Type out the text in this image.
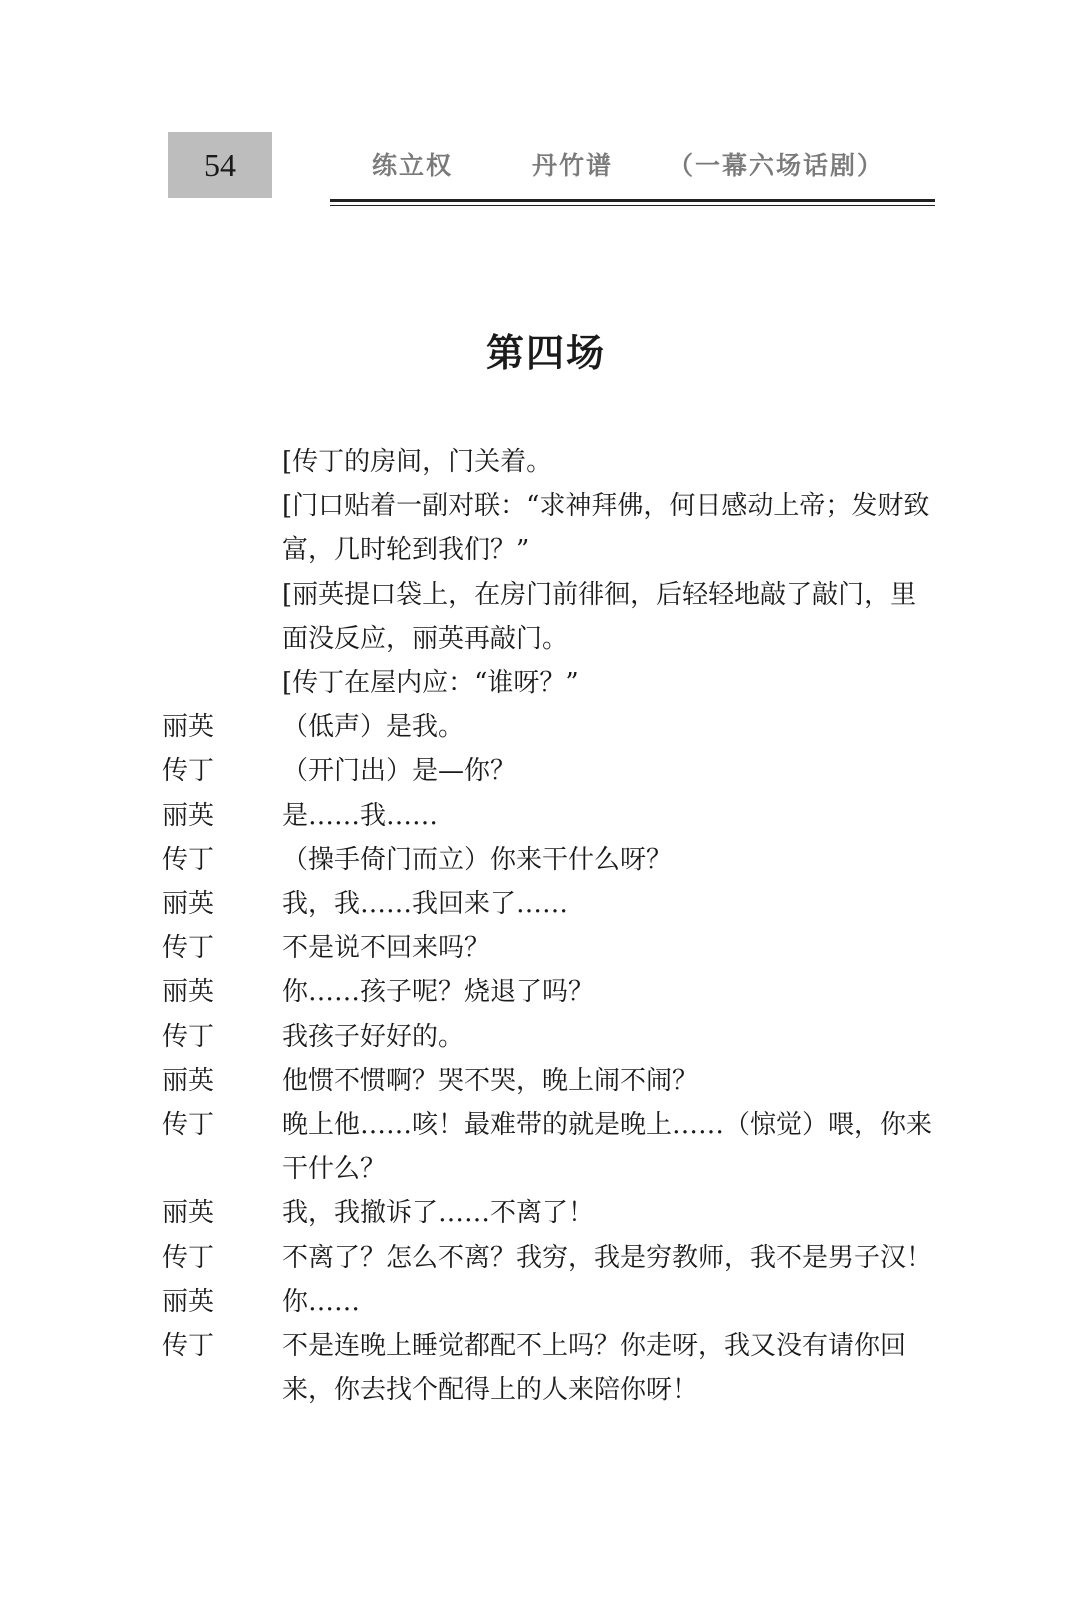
54	练立权	丹竹谱 （一幕六场话剧）
第四场
[传丁的房间，门关着。
[门口贴着一副对联：“求神拜佛，何日感动上帝；发财致富，几时轮到我们？”
[丽英提口袋上，在房门前徘徊，后轻轻地敲了敲门，里面没反应，丽英再敲门。
[传丁在屋内应：“谁呀？”
丽英	（低声）是我。
传丁	（开门出）是—你？
丽英	是……我……
传丁	（操手倚门而立）你来干什么呀？
丽英	我，我……我回来了……
传丁	不是说不回来吗？
丽英	你……孩子呢？烧退了吗？
传丁	我孩子好好的。
丽英	他惯不惯啊？哭不哭，晚上闹不闹？
传丁	晚上他……咳！最难带的就是晚上……（惊觉）喂，你来干什么？
丽英	我，我撤诉了……不离了！
传丁	不离了？怎么不离？我穷，我是穷教师，我不是男子汉！
丽英	你……
传丁	不是连晚上睡觉都配不上吗？你走呀，我又没有请你回来，你去找个配得上的人来陪你呀！
